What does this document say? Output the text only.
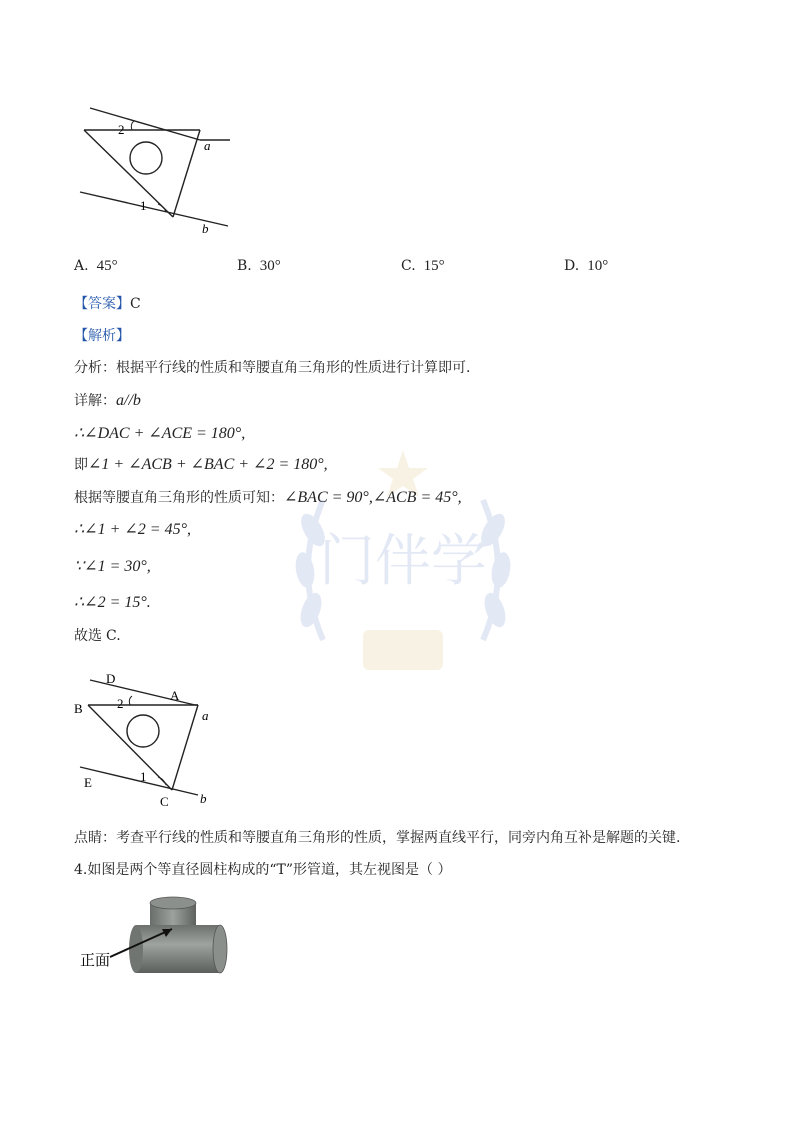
门伴学
2
1
a
b
A. 45°	B. 30°	C. 15°	D. 10°
【答案】C
【解析】
分析：根据平行线的性质和等腰直角三角形的性质进行计算即可.
详解：a//b
∴∠DAC + ∠ACE = 180°,
即∠1 + ∠ACB + ∠BAC + ∠2 = 180°,
根据等腰直角三角形的性质可知：∠BAC = 90°,∠ACB = 45°,
∴∠1 + ∠2 = 45°,
∵∠1 = 30°,
∴∠2 = 15°.
故选 C.
D
A
B
E
C
2
1
a
b
点睛：考查平行线的性质和等腰直角三角形的性质，掌握两直线平行，同旁内角互补是解题的关键.
4.如图是两个等直径圆柱构成的“T”形管道，其左视图是（ ）
正面
